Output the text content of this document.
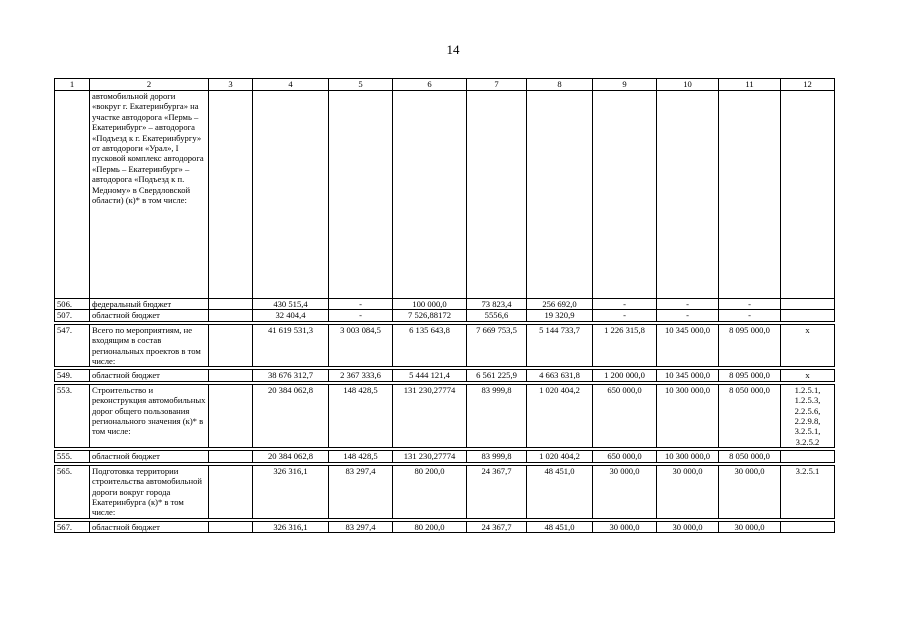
14
1	2	3	4	5	6	7	8	9	10	11	12
	автомобильной дороги «вокруг г. Екатеринбурга» на участке автодорога «Пермь – Екатеринбург» – автодорога «Подъезд к г. Екатеринбургу» от автодороги «Урал», I пусковой комплекс автодорога «Пермь – Екатеринбург» – автодорога «Подъезд к п. Медному» в Свердловской области) (к)* в том числе:										
506.	федеральный бюджет		430 515,4	-	100 000,0	73 823,4	256 692,0	-	-	-	
507.	областной бюджет		32 404,4	-	7 526,88172	5556,6	19 320,9	-	-	-	

547.	Всего по мероприятиям, не входящим в состав региональных проектов в том числе:		41 619 531,3	3 003 084,5	6 135 643,8	7 669 753,5	5 144 733,7	1 226 315,8	10 345 000,0	8 095 000,0	х

549.	областной бюджет		38 676 312,7	2 367 333,6	5 444 121,4	6 561 225,9	4 663 631,8	1 200 000,0	10 345 000,0	8 095 000,0	х

553.	Строительство и реконструкция автомобильных дорог общего пользования регионального значения (к)* в том числе:		20 384 062,8	148 428,5	131 230,27774	83 999,8	1 020 404,2	650 000,0	10 300 000,0	8 050 000,0	1.2.5.1, 1.2.5.3, 2.2.5.6, 2.2.9.8, 3.2.5.1, 3.2.5.2

555.	областной бюджет		20 384 062,8	148 428,5	131 230,27774	83 999,8	1 020 404,2	650 000,0	10 300 000,0	8 050 000,0	

565.	Подготовка территории строительства автомобильной дороги вокруг города Екатеринбурга (к)* в том числе:		326 316,1	83 297,4	80 200,0	24 367,7	48 451,0	30 000,0	30 000,0	30 000,0	3.2.5.1

567.	областной бюджет		326 316,1	83 297,4	80 200,0	24 367,7	48 451,0	30 000,0	30 000,0	30 000,0	
